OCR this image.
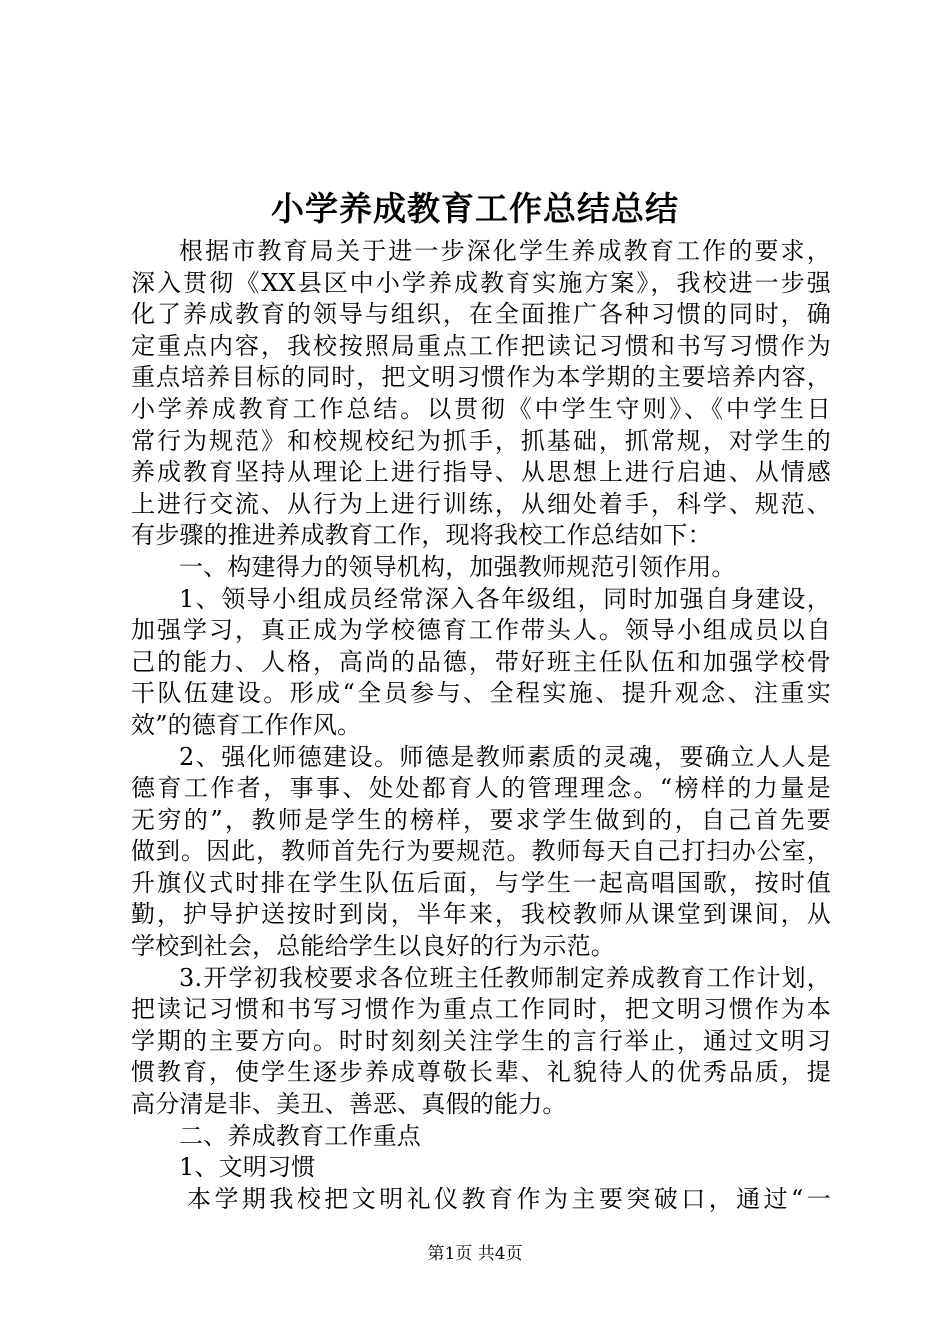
小学养成教育工作总结总结
根据市教育局关于进一步深化学生养成教育工作的要求，
深入贯彻《XX县区中小学养成教育实施方案》，我校进一步强
化了养成教育的领导与组织，在全面推广各种习惯的同时，确
定重点内容，我校按照局重点工作把读记习惯和书写习惯作为
重点培养目标的同时，把文明习惯作为本学期的主要培养内容，
小学养成教育工作总结。以贯彻《中学生守则》、《中学生日
常行为规范》和校规校纪为抓手，抓基础，抓常规，对学生的
养成教育坚持从理论上进行指导、从思想上进行启迪、从情感
上进行交流、从行为上进行训练，从细处着手，科学、规范、
有步骤的推进养成教育工作，现将我校工作总结如下：
一、构建得力的领导机构，加强教师规范引领作用。
1、领导小组成员经常深入各年级组，同时加强自身建设，
加强学习，真正成为学校德育工作带头人。领导小组成员以自
己的能力、人格，高尚的品德，带好班主任队伍和加强学校骨
干队伍建设。形成“全员参与、全程实施、提升观念、注重实
效”的德育工作作风。
2、强化师德建设。师德是教师素质的灵魂，要确立人人是
德育工作者，事事、处处都育人的管理理念。“榜样的力量是
无穷的”，教师是学生的榜样，要求学生做到的，自己首先要
做到。因此，教师首先行为要规范。教师每天自己打扫办公室，
升旗仪式时排在学生队伍后面，与学生一起高唱国歌，按时值
勤，护导护送按时到岗，半年来，我校教师从课堂到课间，从
学校到社会，总能给学生以良好的行为示范。
3.开学初我校要求各位班主任教师制定养成教育工作计划，
把读记习惯和书写习惯作为重点工作同时，把文明习惯作为本
学期的主要方向。时时刻刻关注学生的言行举止，通过文明习
惯教育，使学生逐步养成尊敬长辈、礼貌待人的优秀品质，提
高分清是非、美丑、善恶、真假的能力。
二、养成教育工作重点
1、文明习惯
本学期我校把文明礼仪教育作为主要突破口，通过“一
第1页 共4页
